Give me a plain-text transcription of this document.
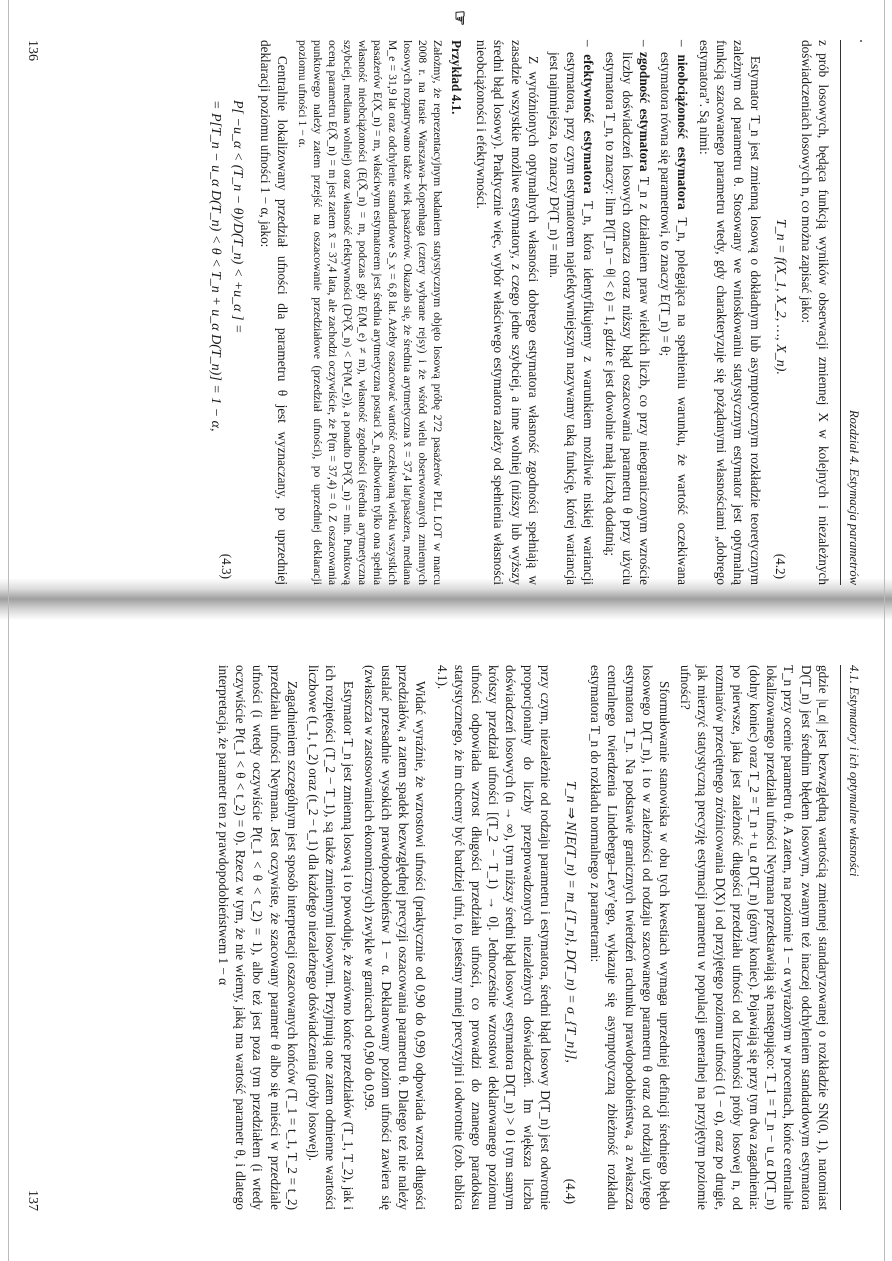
Rozdział 4. Estymacja parametrów

z prób losowych, będąca funkcją wyników obserwacji zmiennej X w kolejnych i niezależnych doświadczeniach losowych n, co można zapisać jako:

T_n = f(X_1, X_2, …, X_n).
(4.2)

Estymator T_n jest zmienną losową o dokładnym lub asymptotycznym rozkładzie teoretycznym zależnym od parametru θ. Stosowany we wnioskowaniu statystycznym estymator jest optymalną funkcją szacowanego parametru wtedy, gdy charakteryzuje się pożądanymi własnościami „dobrego estymatora”. Są nimi:

– nieobciążoność estymatora T_n, polegająca na spełnieniu warunku, że wartość oczekiwana estymatora równa się parametrowi, to znaczy E(T_n) = θ;
– zgodność estymatora T_n z działaniem praw wielkich liczb, co przy nieograniczonym wzroście liczby doświadczeń losowych oznacza coraz niższy błąd oszacowania parametru θ przy użyciu estymatora T_n, to znaczy: lim P(|T_n − θ| < ε) = 1, gdzie ε jest dowolnie małą liczbą dodatnią;
– efektywność estymatora T_n, która identyfikujemy z warunkiem możliwie niskiej wariancji estymatora, przy czym estymatorem najefektywniejszym nazywamy taką funkcję, której wariancja jest najmniejsza, to znaczy D²(T_n) = min.

Z wyróżnionych optymalnych własności dobrego estymatora własność zgodności spełniają w zasadzie wszystkie możliwe estymatory, z czego jedne szybciej, a inne wolniej (niższy lub wyższy średni błąd losowy). Praktycznie więc, wybór właściwego estymatora zależy od spełnienia własności nieobciążoności i efektywności.

☞
Przykład 4.1.

Założmy, że reprezentacyjnym badaniem statystycznym objęto losową próbę 272 pasażerów PLL LOT w marcu 2008 r. na trasie Warszawa–Kopenhaga (cztery wybrane rejsy) i że wśród wielu obserwowanych zmiennych losowych rozpatrywano także wiek pasażerów. Okazało się, że średnia arytmetyczna x̄ = 37,4 lat/pasażera, mediana M_e = 31,9 lat oraz odchylenie standardowe S_x = 6,8 lat. Ażeby oszacować wartość oczekiwaną wieku wszystkich pasażerów E(X_n) = m, właściwym estymatorem jest średnia arytmetyczna postaci X̄_n, albowiem tylko ona spełnia własność nieobciążoności (E(X̄_n) = m, podczas gdy E(M_e) ≠ m), własność zgodności (średnia arytmetyczna szybciej, mediana wolniej) oraz własność efektywności (D²(X̄_n) < D²(M_e)), a ponadto D²(X̄_n) = min. Punktową oceną parametru E(X̄_n) = m jest zatem x̄ = 37,4 lata, ale zachodzi oczywiście, że P(m = 37,4) = 0. Z oszacowania punktowego należy zatem przejść na oszacowanie przedziałowe (przedział ufności), po uprzedniej deklaracji poziomu ufności 1 − α.

Centralnie lokalizowany przedział ufności dla parametru θ jest wyznaczany, po uprzedniej deklaracji poziomu ufności 1 − α, jako:

P[ −u_α < (T_n − θ)/D(T_n) < +u_α ] =
= P[T_n − u_α D(T_n) < θ < T_n + u_α D(T_n)] = 1 − α,
(4.3)
136
4.1. Estymatory i ich optymalne własności

gdzie |u_α| jest bezwzględną wartością zmiennej standaryzowanej o rozkładzie SN(0, 1), natomiast D(T_n) jest średnim błędem losowym, zwanym też inaczej odchyleniem standardowym estymatora T_n przy ocenie parametru θ. A zatem, na poziomie 1 − α wyrażonym w procentach, końce centralnie lokalizowanego przedziału ufności Neymana przedstawiają się następująco: T_1 = T_n − u_α D(T_n) (dolny koniec) oraz T_2 = T_n + u_α D(T_n) (górny koniec). Pojawiają się przy tym dwa zagadnienia: po pierwsze, jaka jest zależność długości przedziału ufności od liczebności próby losowej n, od rozmiarów przeciętnego zróżnicowania D(X) i od przyjętego poziomu ufności (1 − α), oraz po drugie, jak mierzyć statystyczną precyzję estymacji parametru w populacji generalnej na przyjętym poziomie ufności?

Sformułowanie stanowiska w obu tych kwestiach wymaga uprzedniej definicji średniego błędu losowego D(T_n), i to w zależności od rodzaju szacowanego parametru θ oraz od rodzaju użytego estymatora T_n. Na podstawie granicznych twierdzeń rachunku prawdopodobieństwa, a zwłaszcza centralnego twierdzenia Lindeberga–Levy’ego, wykazuje się asymptotyczną zbieżność rozkładu estymatora T_n do rozkładu normalnego z parametrami:

T_n ⇒ N[E(T_n) = m_{T_n}, D(T_n) = σ_{T_n}],
(4.4)

przy czym, niezależnie od rodzaju parametru i estymatora, średni błąd losowy D(T_n) jest odwrotnie proporcjonalny do liczby przeprowadzonych niezależnych doświadczeń. Im większa liczba doświadczeń losowych (n → ∞), tym niższy średni błąd losowy estymatora D(T_n) > 0 i tym samym krótszy przedział ufności [(T_2 − T_1) → 0]. Jednocześnie wzrostowi deklarowanego poziomu ufności odpowiada wzrost długości przedziału ufności, co prowadzi do znanego paradoksu statystycznego, że im chcemy być bardziej ufni, to jesteśmy mniej precyzyjni i odwrotnie (zob. tablica 4.1).

Widać wyraźnie, że wzrostowi ufności (praktycznie od 0,90 do 0,99) odpowiada wzrost długości przedziałów, a zatem spadek bezwzględnej precyzji oszacowania parametru θ. Dlatego też nie należy ustalać przesadnie wysokich prawdopodobieństw 1 − α. Deklarowany poziom ufności zawiera się (zwłaszcza w zastosowaniach ekonomicznych) zwykle w granicach od 0,90 do 0,99.

Estymator T_n jest zmienną losową i to powoduje, że zarówno końce przedziałów (T_1, T_2), jak i ich rozpiętości (T_2 − T_1), są także zmiennymi losowymi. Przyjmują one zatem odmienne wartości liczbowe (t_1, t_2) oraz (t_2 − t_1) dla każdego niezależnego doświadczenia (próby losowej).

Zagadnieniem szczególnym jest sposób interpretacji oszacowanych końców (T_1 = t_1, T_2 = t_2) przedziału ufności Neymana. Jest oczywiste, że szacowany parametr θ albo się mieści w przedziale ufności (i wtedy oczywiście P(t_1 < θ < t_2) = 1), albo też jest poza tym przedziałem (i wtedy oczywiście P(t_1 < θ < t_2) = 0). Rzecz w tym, że nie wiemy, jaką ma wartość parametr θ, i dlatego interpretacja, że parametr ten z prawdopodobieństwem 1 − α

137
